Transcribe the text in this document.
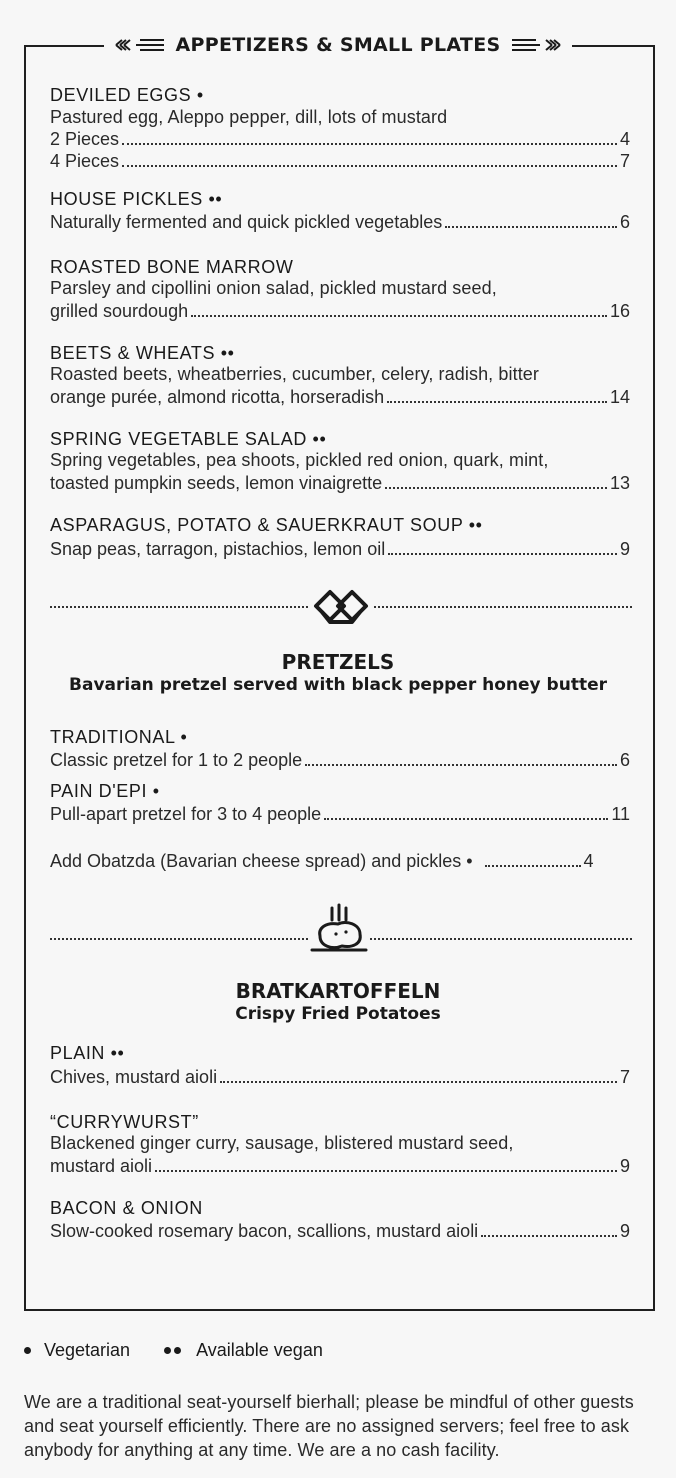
APPETIZERS & SMALL PLATES
DEVILED EGGS •
Pastured egg, Aleppo pepper, dill, lots of mustard
2 Pieces	4
4 Pieces	7
HOUSE PICKLES ••
Naturally fermented and quick pickled vegetables	6
ROASTED BONE MARROW
Parsley and cipollini onion salad, pickled mustard seed,
grilled sourdough	16
BEETS & WHEATS ••
Roasted beets, wheatberries, cucumber, celery, radish, bitter
orange purée, almond ricotta, horseradish	14
SPRING VEGETABLE SALAD ••
Spring vegetables, pea shoots, pickled red onion, quark, mint,
toasted pumpkin seeds, lemon vinaigrette	13
ASPARAGUS, POTATO & SAUERKRAUT SOUP ••
Snap peas, tarragon, pistachios, lemon oil	9
PRETZELS
Bavarian pretzel served with black pepper honey butter
TRADITIONAL •
Classic pretzel for 1 to 2 people	6
PAIN D'EPI •
Pull-apart pretzel for 3 to 4 people	11
Add Obatzda (Bavarian cheese spread) and pickles •	4
BRATKARTOFFELN
Crispy Fried Potatoes
PLAIN ••
Chives, mustard aioli	7
“CURRYWURST”
Blackened ginger curry, sausage, blistered mustard seed,
mustard aioli	9
BACON & ONION
Slow-cooked rosemary bacon, scallions, mustard aioli	9
Vegetarian	Available vegan
We are a traditional seat-yourself bierhall; please be mindful of other guests and seat yourself efficiently. There are no assigned servers; feel free to ask anybody for anything at any time. We are a no cash facility.
